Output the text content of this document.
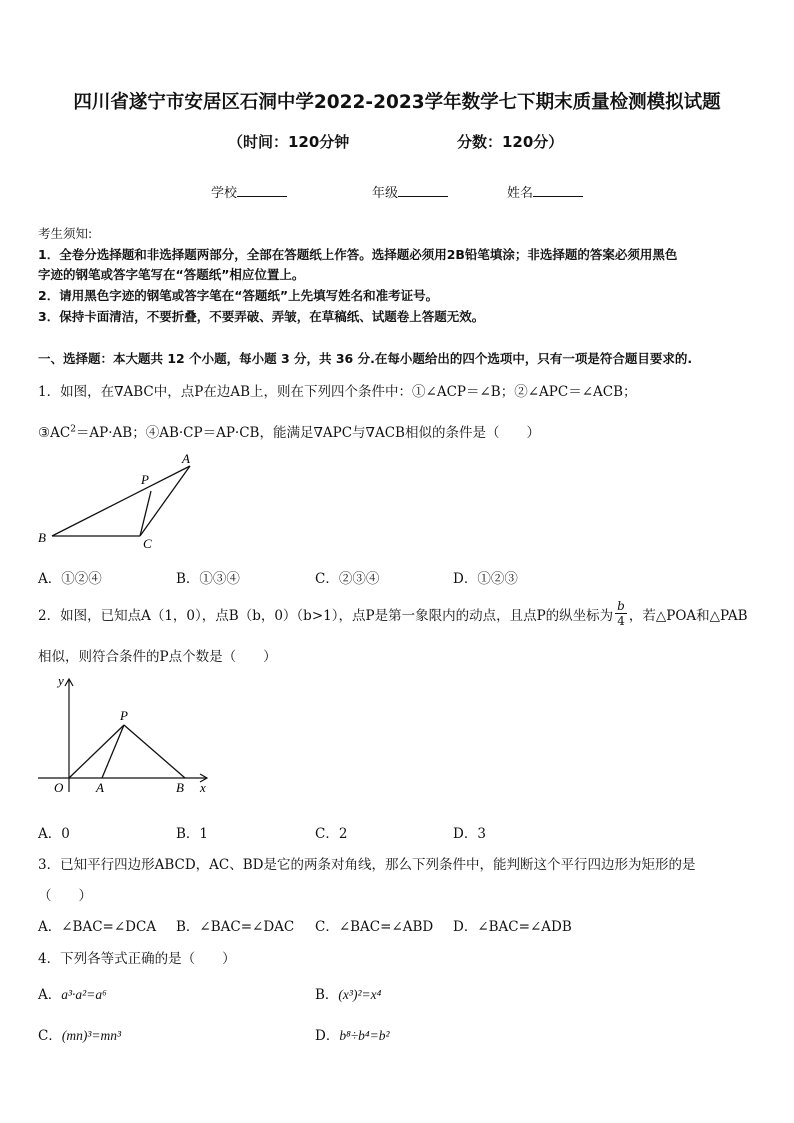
四川省遂宁市安居区石洞中学2022-2023学年数学七下期末质量检测模拟试题
（时间：120分钟	分数：120分）
学校	年级	姓名
考生须知:
1．全卷分选择题和非选择题两部分，全部在答题纸上作答。选择题必须用2B铅笔填涂；非选择题的答案必须用黑色
字迹的钢笔或答字笔写在“答题纸”相应位置上。
2．请用黑色字迹的钢笔或答字笔在“答题纸”上先填写姓名和准考证号。
3．保持卡面清洁，不要折叠，不要弄破、弄皱，在草稿纸、试题卷上答题无效。
一、选择题：本大题共 12 个小题，每小题 3 分，共 36 分.在每小题给出的四个选项中，只有一项是符合题目要求的.
1．如图，在∇ABC中，点P在边AB上，则在下列四个条件中：①∠ACP＝∠B；②∠APC＝∠ACB；
$③AC^2=AP\cdot AB$；④AB·CP＝AP·CB，能满足∇APC与∇ACB相似的条件是（　　）
A
P
B	C
A．①②④	B．①③④	C．②③④	D．①②③
2．如图，已知点 A（1，0），点 B（b，0）（b>1），点 P是第一象限内的动点，且点 P的纵坐标为 $\frac{b}{4}$ ，若△POA和△PAB
相似，则符合条件的P点个数是（　　）
y
P
O	A	B x
A．0	B．1	C．2	D．3
3．已知平行四边形ABCD，AC、BD是它的两条对角线，那么下列条件中，能判断这个平行四边形为矩形的是
（　　）
A．∠BAC=∠DCA B．∠BAC=∠DAC C．∠BAC=∠ABD D．∠BAC=∠ADB
4．下列各等式正确的是（　　）
A．a³·a²=a⁶	B．(x³)²=x⁴
C．(mn)³=mn³	D．b⁸÷b⁴=b²
